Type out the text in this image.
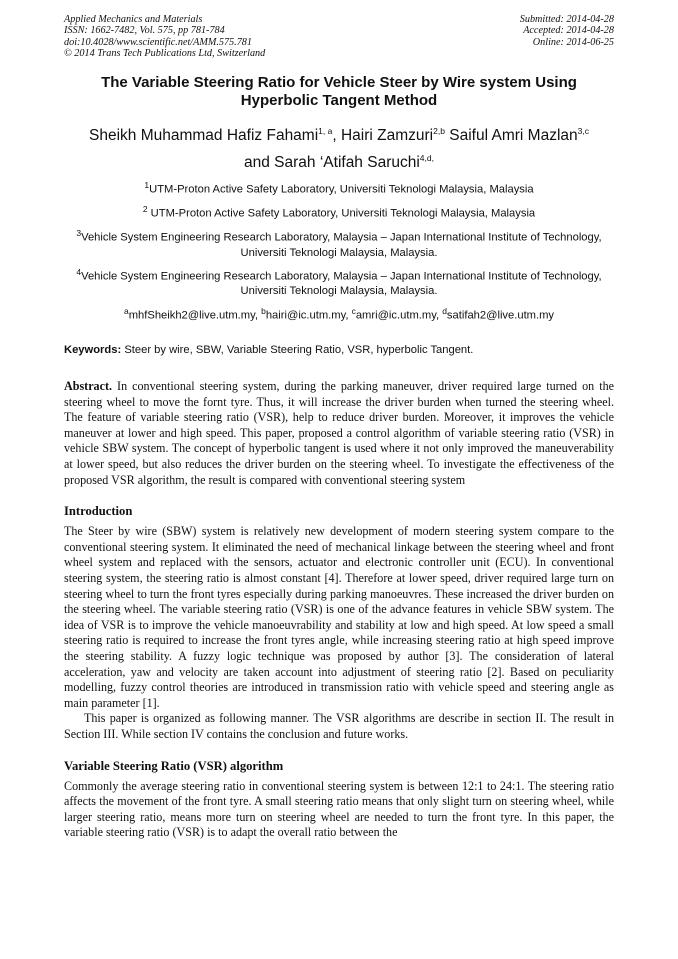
Applied Mechanics and Materials
ISSN: 1662-7482, Vol. 575, pp 781-784
doi:10.4028/www.scientific.net/AMM.575.781
© 2014 Trans Tech Publications Ltd, Switzerland
Submitted: 2014-04-28
Accepted: 2014-04-28
Online: 2014-06-25
The Variable Steering Ratio for Vehicle Steer by Wire system Using Hyperbolic Tangent Method
Sheikh Muhammad Hafiz Fahami$^{1, a}$, Hairi Zamzuri$^{2,b}$ Saiful Amri Mazlan$^{3,c}$
and Sarah ‘Atifah Saruchi$^{4,d,}$
$^1$UTM-Proton Active Safety Laboratory, Universiti Teknologi Malaysia, Malaysia
$^2$ UTM-Proton Active Safety Laboratory, Universiti Teknologi Malaysia, Malaysia
$^3$Vehicle System Engineering Research Laboratory, Malaysia – Japan International Institute of Technology, Universiti Teknologi Malaysia, Malaysia.
$^4$Vehicle System Engineering Research Laboratory, Malaysia – Japan International Institute of Technology, Universiti Teknologi Malaysia, Malaysia.
$^a$mhfSheikh2@live.utm.my, $^b$hairi@ic.utm.my, $^c$amri@ic.utm.my, $^d$satifah2@live.utm.my
Keywords: Steer by wire, SBW, Variable Steering Ratio, VSR, hyperbolic Tangent.
Abstract. In conventional steering system, during the parking maneuver, driver required large turned on the steering wheel to move the fornt tyre. Thus, it will increase the driver burden when turned the steering wheel. The feature of variable steering ratio (VSR), help to reduce driver burden. Moreover, it improves the vehicle maneuver at lower and high speed. This paper, proposed a control algorithm of variable steering ratio (VSR) in vehicle SBW system. The concept of hyperbolic tangent is used where it not only improved the maneuverability at lower speed, but also reduces the driver burden on the steering wheel. To investigate the effectiveness of the proposed VSR algorithm, the result is compared with conventional steering system
Introduction

The Steer by wire (SBW) system is relatively new development of modern steering system compare to the conventional steering system. It eliminated the need of mechanical linkage between the steering wheel and front wheel system and replaced with the sensors, actuator and electronic controller unit (ECU). In conventional steering system, the steering ratio is almost constant [4]. Therefore at lower speed, driver required large turn on steering wheel to turn the front tyres especially during parking manoeuvres. These increased the driver burden on the steering wheel. The variable steering ratio (VSR) is one of the advance features in vehicle SBW system. The idea of VSR is to improve the vehicle manoeuvrability and stability at low and high speed. At low speed a small steering ratio is required to increase the front tyres angle, while increasing steering ratio at high speed improve the steering stability. A fuzzy logic technique was proposed by author [3]. The consideration of lateral acceleration, yaw and velocity are taken account into adjustment of steering ratio [2]. Based on peculiarity modelling, fuzzy control theories are introduced in transmission ratio with vehicle speed and steering angle as main parameter [1].

This paper is organized as following manner. The VSR algorithms are describe in section II. The result in Section III. While section IV contains the conclusion and future works.

Variable Steering Ratio (VSR) algorithm

Commonly the average steering ratio in conventional steering system is between 12:1 to 24:1. The steering ratio affects the movement of the front tyre. A small steering ratio means that only slight turn on steering wheel, while larger steering ratio, means more turn on steering wheel are needed to turn the front tyre. In this paper, the variable steering ratio (VSR) is to adapt the overall ratio between the
